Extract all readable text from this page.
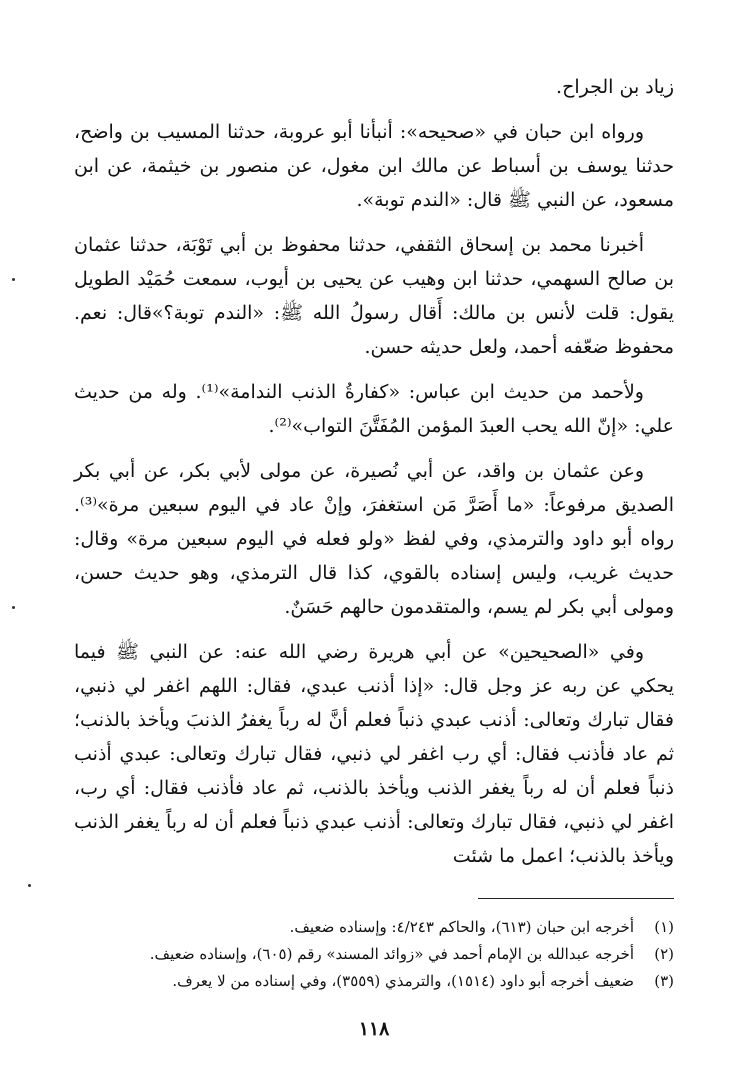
زياد بن الجراح.

ورواه ابن حبان في «صحيحه»: أنبأنا أبو عروبة، حدثنا المسيب بن واضح، حدثنا يوسف بن أسباط عن مالك ابن مغول، عن منصور بن خيثمة، عن ابن مسعود، عن النبي ﷺ قال: «الندم توبة».

أخبرنا محمد بن إسحاق الثقفي، حدثنا محفوظ بن أبي تَوْبَة، حدثنا عثمان بن صالح السهمي، حدثنا ابن وهيب عن يحيى بن أيوب، سمعت حُمَيْد الطويل يقول: قلت لأنس بن مالك: أَقال رسولُ الله ﷺ: «الندم توبة؟»قال: نعم. محفوظ ضعّفه أحمد، ولعل حديثه حسن.

ولأحمد من حديث ابن عباس: «كفارةُ الذنب الندامة»⁽¹⁾. وله من حديث علي: «إنّ الله يحب العبدَ المؤمن المُفَتَّنَ التواب»⁽²⁾.

وعن عثمان بن واقد، عن أبي نُصيرة، عن مولى لأبي بكر، عن أبي بكر الصديق مرفوعاً: «ما أَصَرَّ مَن استغفرَ، وإنْ عاد في اليوم سبعين مرة»⁽³⁾. رواه أبو داود والترمذي، وفي لفظ «ولو فعله في اليوم سبعين مرة» وقال: حديث غريب، وليس إسناده بالقوي، كذا قال الترمذي، وهو حديث حسن، ومولى أبي بكر لم يسم، والمتقدمون حالهم حَسَنٌ.

وفي «الصحيحين» عن أبي هريرة رضي الله عنه: عن النبي ﷺ فيما يحكي عن ربه عز وجل قال: «إذا أذنب عبدي، فقال: اللهم اغفر لي ذنبي، فقال تبارك وتعالى: أذنب عبدي ذنباً فعلم أنَّ له رباً يغفرُ الذنبَ ويأخذ بالذنب؛ ثم عاد فأذنب فقال: أي رب اغفر لي ذنبي، فقال تبارك وتعالى: عبدي أذنب ذنباً فعلم أن له رباً يغفر الذنب ويأخذ بالذنب، ثم عاد فأذنب فقال: أي رب، اغفر لي ذنبي، فقال تبارك وتعالى: أذنب عبدي ذنباً فعلم أن له رباً يغفر الذنب ويأخذ بالذنب؛ اعمل ما شئت

(١)
أخرجه ابن حبان (٦١٣)، والحاكم ٤/٢٤٣: وإسناده ضعيف.
(٢)
أخرجه عبدالله بن الإمام أحمد في «زوائد المسند» رقم (٦٠٥)، وإسناده ضعيف.
(٣)
ضعيف أخرجه أبو داود (١٥١٤)، والترمذي (٣٥٥٩)، وفي إسناده من لا يعرف.
١١٨
